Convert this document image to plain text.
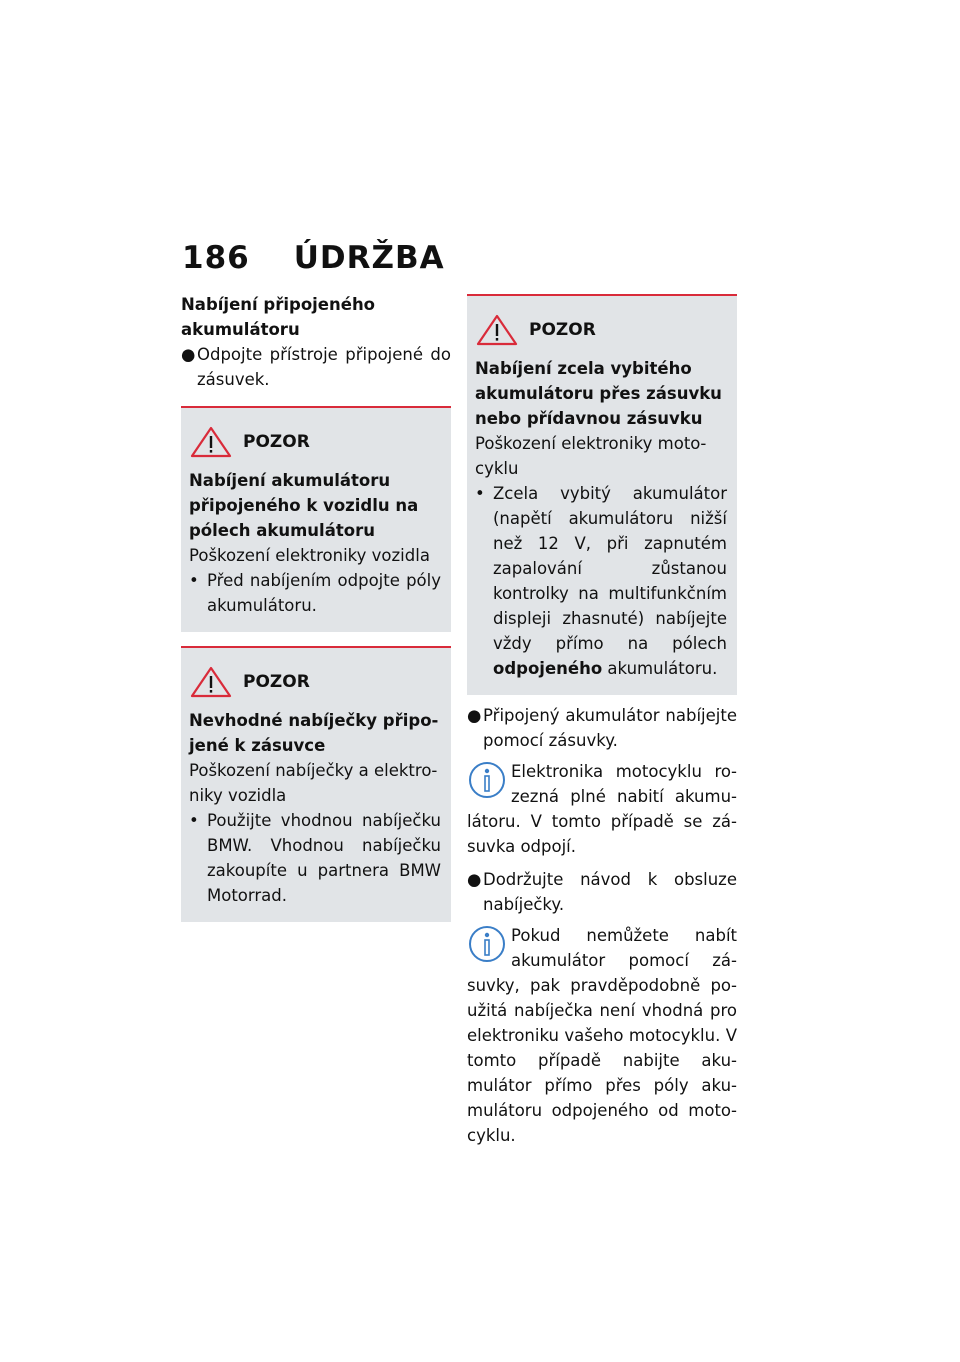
186 ÚDRŽBA
Nabíjení připojeného akumulátoru
● Odpojte přístroje připojené do zásuvek.
POZOR
Nabíjení akumulátoru připojeného k vozidlu na pólech akumulátoru
Poškození elektroniky vozidla
• Před nabíjením odpojte póly akumulátoru.
POZOR
Nevhodné nabíječky připojené k zásuvce
Poškození nabíječky a elektroniky vozidla
• Použijte vhodnou nabíječku BMW. Vhodnou nabíječku zakoupíte u partnera BMW Motorrad.
POZOR
Nabíjení zcela vybitého akumulátoru přes zásuvku nebo přídavnou zásuvku
Poškození elektroniky motocyklu
• Zcela vybitý akumulátor (napětí akumulátoru nižší než 12 V, při zapnutém zapalování zůstanou kontrolky na multifunkčním displeji zhasnuté) nabíjejte vždy přímo na pólech odpojeného akumulátoru.
● Připojený akumulátor nabíjejte pomocí zásuvky.
Elektronika motocyklu rozezná plné nabití akumulátoru. V tomto případě se zásuvka odpojí.
● Dodržujte návod k obsluze nabíječky.
Pokud nemůžete nabít akumulátor pomocí zásuvky, pak pravděpodobně použitá nabíječka není vhodná pro elektroniku vašeho motocyklu. V tomto případě nabijte akumulátor přímo přes póly akumulátoru odpojeného od motocyklu.
